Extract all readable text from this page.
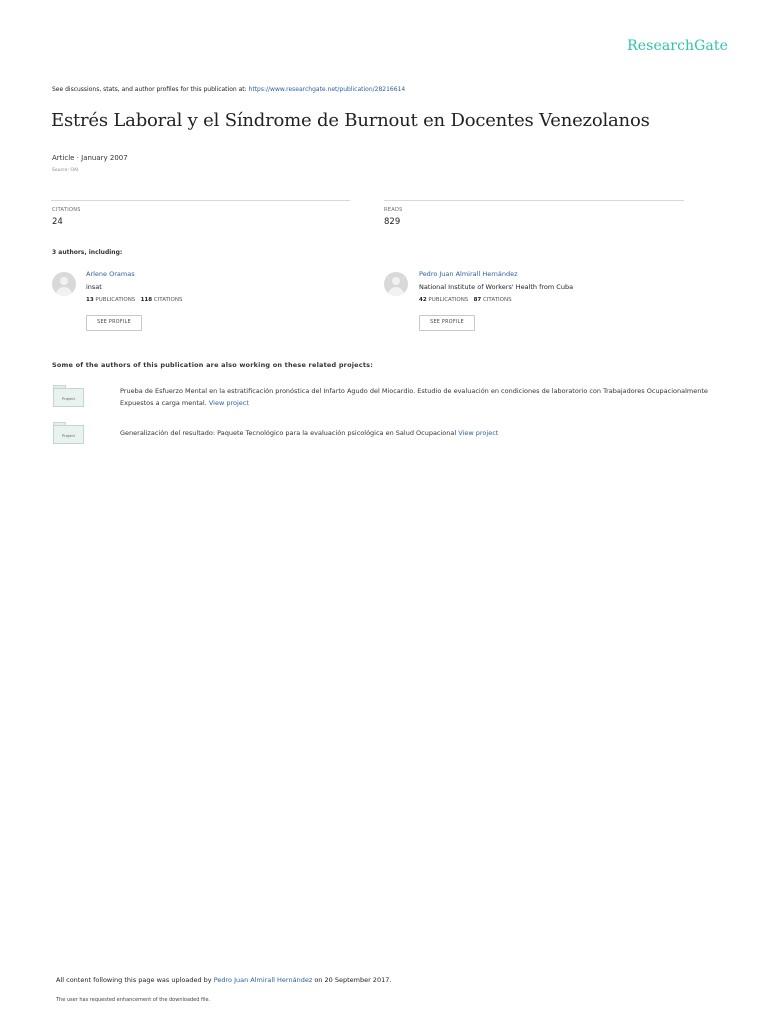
ResearchGate
See discussions, stats, and author profiles for this publication at: https://www.researchgate.net/publication/28216614
Estrés Laboral y el Síndrome de Burnout en Docentes Venezolanos
Article · January 2007
Source: OAI
CITATIONS
24
READS
829
3 authors, including:
Arlene Oramas
insat
13 PUBLICATIONS 118 CITATIONS
SEE PROFILE
Pedro Juan Almirall Hernández
National Institute of Workers' Health from Cuba
42 PUBLICATIONS 87 CITATIONS
SEE PROFILE
Some of the authors of this publication are also working on these related projects:
Project
Prueba de Esfuerzo Mental en la estratificación pronóstica del Infarto Agudo del Miocardio. Estudio de evaluación en condiciones de laboratorio con Trabajadores Ocupacionalmente Expuestos a carga mental. View project
Project	Generalización del resultado: Paquete Tecnológico para la evaluación psicológica en Salud Ocupacional View project
All content following this page was uploaded by Pedro Juan Almirall Hernández on 20 September 2017.
The user has requested enhancement of the downloaded file.
